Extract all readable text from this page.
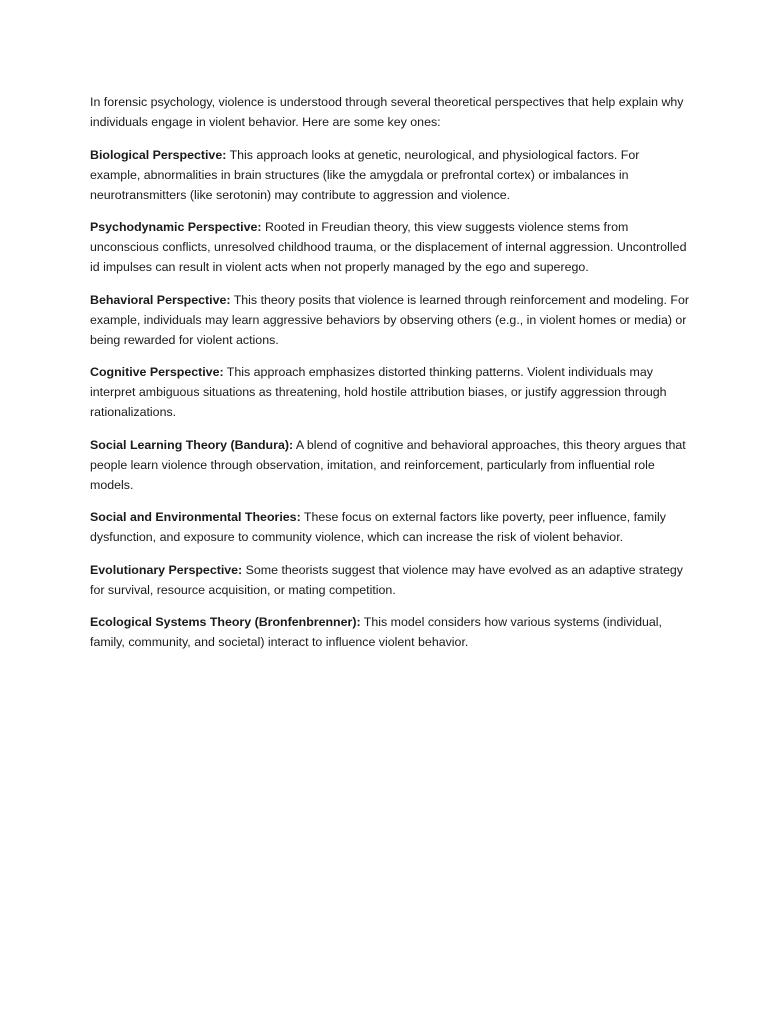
In forensic psychology, violence is understood through several theoretical perspectives that help explain why individuals engage in violent behavior. Here are some key ones:

Biological Perspective: This approach looks at genetic, neurological, and physiological factors. For example, abnormalities in brain structures (like the amygdala or prefrontal cortex) or imbalances in neurotransmitters (like serotonin) may contribute to aggression and violence.

Psychodynamic Perspective: Rooted in Freudian theory, this view suggests violence stems from unconscious conflicts, unresolved childhood trauma, or the displacement of internal aggression. Uncontrolled id impulses can result in violent acts when not properly managed by the ego and superego.

Behavioral Perspective: This theory posits that violence is learned through reinforcement and modeling. For example, individuals may learn aggressive behaviors by observing others (e.g., in violent homes or media) or being rewarded for violent actions.

Cognitive Perspective: This approach emphasizes distorted thinking patterns. Violent individuals may interpret ambiguous situations as threatening, hold hostile attribution biases, or justify aggression through rationalizations.

Social Learning Theory (Bandura): A blend of cognitive and behavioral approaches, this theory argues that people learn violence through observation, imitation, and reinforcement, particularly from influential role models.

Social and Environmental Theories: These focus on external factors like poverty, peer influence, family dysfunction, and exposure to community violence, which can increase the risk of violent behavior.

Evolutionary Perspective: Some theorists suggest that violence may have evolved as an adaptive strategy for survival, resource acquisition, or mating competition.

Ecological Systems Theory (Bronfenbrenner): This model considers how various systems (individual, family, community, and societal) interact to influence violent behavior.
